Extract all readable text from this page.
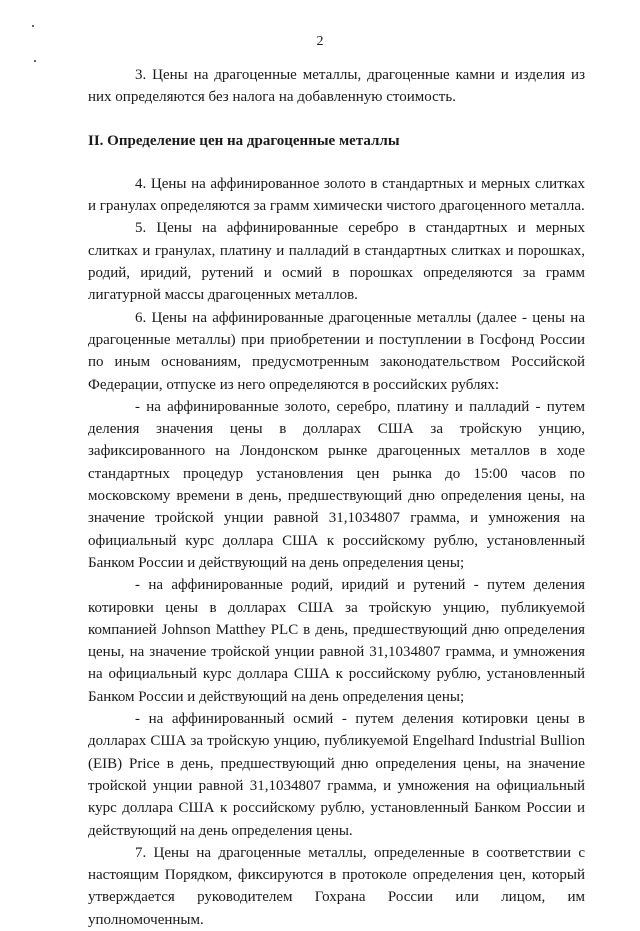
2

3. Цены на драгоценные металлы, драгоценные камни и изделия из них определяются без налога на добавленную стоимость.

II. Определение цен на драгоценные металлы

4. Цены на аффинированное золото в стандартных и мерных слитках и гранулах определяются за грамм химически чистого драгоценного металла.

5. Цены на аффинированные серебро в стандартных и мерных слитках и гранулах, платину и палладий в стандартных слитках и порошках, родий, иридий, рутений и осмий в порошках определяются за грамм лигатурной массы драгоценных металлов.

6. Цены на аффинированные драгоценные металлы (далее - цены на драгоценные металлы) при приобретении и поступлении в Госфонд России по иным основаниям, предусмотренным законодательством Российской Федерации, отпуске из него определяются в российских рублях:

- на аффинированные золото, серебро, платину и палладий - путем деления значения цены в долларах США за тройскую унцию, зафиксированного на Лондонском рынке драгоценных металлов в ходе стандартных процедур установления цен рынка до 15:00 часов по московскому времени в день, предшествующий дню определения цены, на значение тройской унции равной 31,1034807 грамма, и умножения на официальный курс доллара США к российскому рублю, установленный Банком России и действующий на день определения цены;

- на аффинированные родий, иридий и рутений - путем деления котировки цены в долларах США за тройскую унцию, публикуемой компанией Johnson Matthey PLC в день, предшествующий дню определения цены, на значение тройской унции равной 31,1034807 грамма, и умножения на официальный курс доллара США к российскому рублю, установленный Банком России и действующий на день определения цены;

- на аффинированный осмий - путем деления котировки цены в долларах США за тройскую унцию, публикуемой Engelhard Industrial Bullion (EIB) Price в день, предшествующий дню определения цены, на значение тройской унции равной 31,1034807 грамма, и умножения на официальный курс доллара США к российскому рублю, установленный Банком России и действующий на день определения цены.

7. Цены на драгоценные металлы, определенные в соответствии с настоящим Порядком, фиксируются в протоколе определения цен, который утверждается руководителем Гохрана России или лицом, им уполномоченным.
